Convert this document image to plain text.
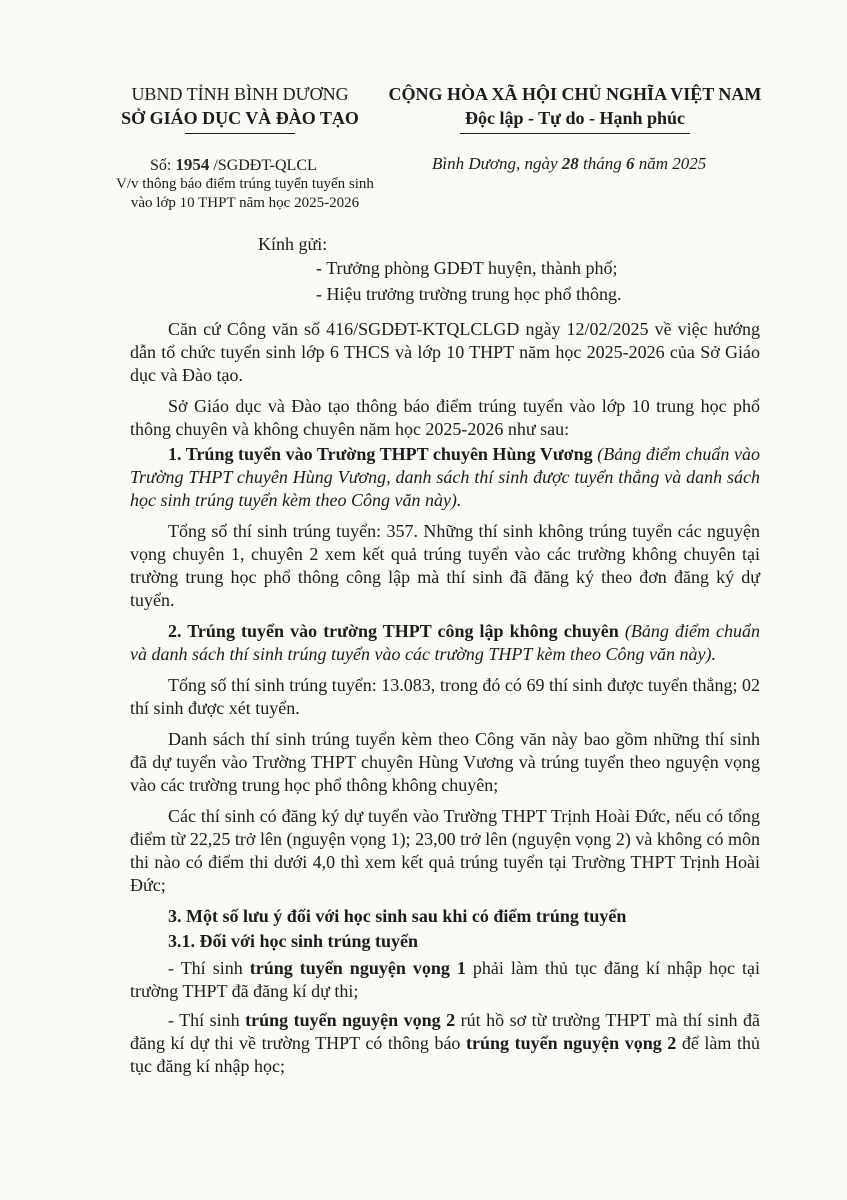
UBND TỈNH BÌNH DƯƠNG
SỞ GIÁO DỤC VÀ ĐÀO TẠO
CỘNG HÒA XÃ HỘI CHỦ NGHĨA VIỆT NAM
Độc lập - Tự do - Hạnh phúc
Số: 1954 /SGDĐT-QLCL
V/v thông báo điểm trúng tuyển tuyển sinh
vào lớp 10 THPT năm học 2025-2026
Bình Dương, ngày 28 tháng 6 năm 2025
Kính gửi:
- Trưởng phòng GDĐT huyện, thành phố;
- Hiệu trưởng trường trung học phổ thông.

Căn cứ Công văn số 416/SGDĐT-KTQLCLGD ngày 12/02/2025 về việc hướng dẫn tổ chức tuyển sinh lớp 6 THCS và lớp 10 THPT năm học 2025-2026 của Sở Giáo dục và Đào tạo.

Sở Giáo dục và Đào tạo thông báo điểm trúng tuyển vào lớp 10 trung học phổ thông chuyên và không chuyên năm học 2025-2026 như sau:

1. Trúng tuyển vào Trường THPT chuyên Hùng Vương (Bảng điểm chuẩn vào Trường THPT chuyên Hùng Vương, danh sách thí sinh được tuyển thẳng và danh sách học sinh trúng tuyển kèm theo Công văn này).

Tổng số thí sinh trúng tuyển: 357. Những thí sinh không trúng tuyển các nguyện vọng chuyên 1, chuyên 2 xem kết quả trúng tuyển vào các trường không chuyên tại trường trung học phổ thông công lập mà thí sinh đã đăng ký theo đơn đăng ký dự tuyển.

2. Trúng tuyển vào trường THPT công lập không chuyên (Bảng điểm chuẩn và danh sách thí sinh trúng tuyển vào các trường THPT kèm theo Công văn này).

Tổng số thí sinh trúng tuyển: 13.083, trong đó có 69 thí sinh được tuyển thẳng; 02 thí sinh được xét tuyển.

Danh sách thí sinh trúng tuyển kèm theo Công văn này bao gồm những thí sinh đã dự tuyển vào Trường THPT chuyên Hùng Vương và trúng tuyển theo nguyện vọng vào các trường trung học phổ thông không chuyên;

Các thí sinh có đăng ký dự tuyển vào Trường THPT Trịnh Hoài Đức, nếu có tổng điểm từ 22,25 trở lên (nguyện vọng 1); 23,00 trở lên (nguyện vọng 2) và không có môn thi nào có điểm thi dưới 4,0 thì xem kết quả trúng tuyển tại Trường THPT Trịnh Hoài Đức;

3. Một số lưu ý đối với học sinh sau khi có điểm trúng tuyển

3.1. Đối với học sinh trúng tuyển

- Thí sinh trúng tuyển nguyện vọng 1 phải làm thủ tục đăng kí nhập học tại trường THPT đã đăng kí dự thi;

- Thí sinh trúng tuyển nguyện vọng 2 rút hồ sơ từ trường THPT mà thí sinh đã đăng kí dự thi về trường THPT có thông báo trúng tuyển nguyện vọng 2 để làm thủ tục đăng kí nhập học;
